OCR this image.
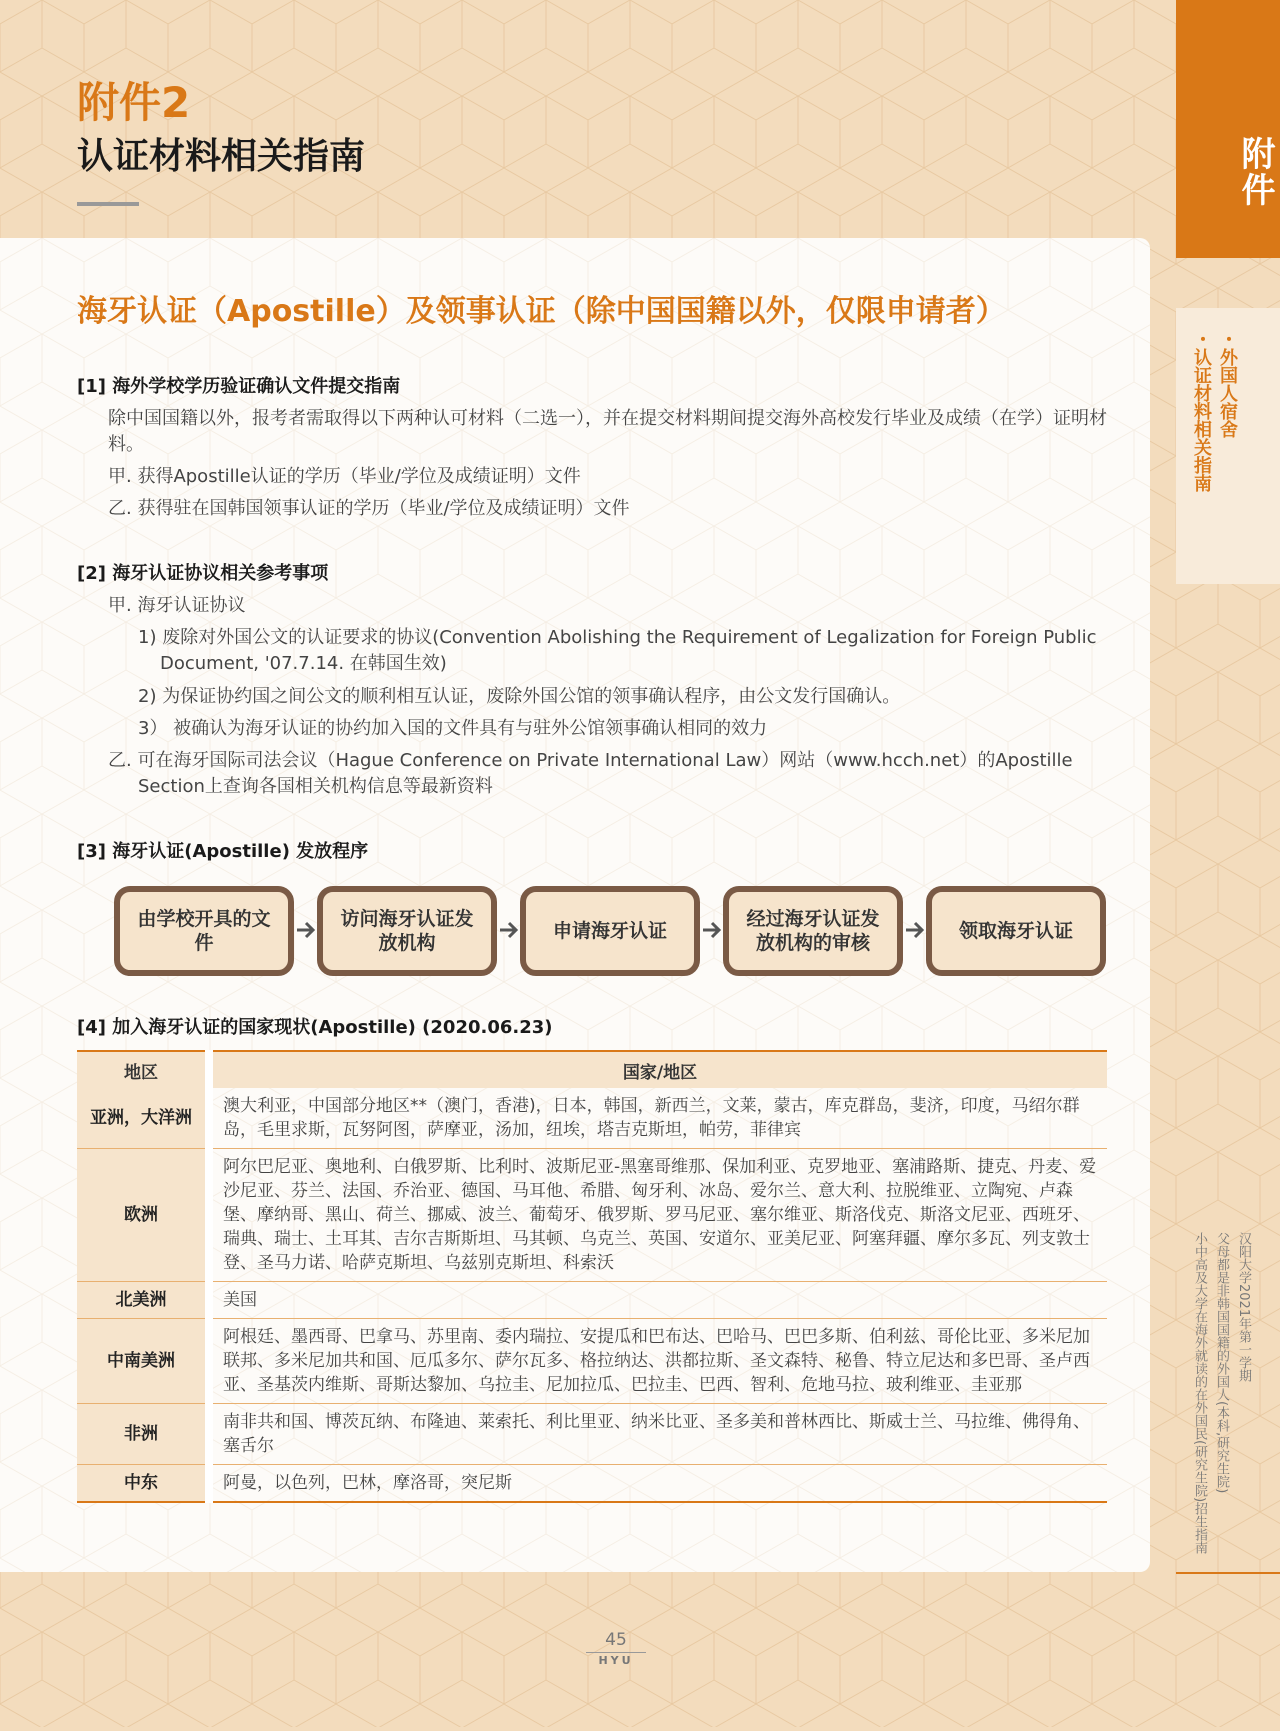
附件2
认证材料相关指南	附件
・外国人宿舍
・认证材料相关指南
汉阳大学2021年第一学期
父母都是非韩国国籍的外国人(本科,研究生院)
小中高及大学在海外就读的在外国民(研究生院)招生指南
海牙认证（Apostille）及领事认证（除中国国籍以外，仅限申请者）
[1] 海外学校学历验证确认文件提交指南
除中国国籍以外，报考者需取得以下两种认可材料（二选一），并在提交材料期间提交海外高校发行毕业及成绩（在学）证明材料。
甲. 获得Apostille认证的学历（毕业/学位及成绩证明）文件
乙. 获得驻在国韩国领事认证的学历（毕业/学位及成绩证明）文件
[2] 海牙认证协议相关参考事项
甲. 海牙认证协议
1) 废除对外国公文的认证要求的协议(Convention Abolishing the Requirement of Legalization for Foreign Public Document, '07.7.14. 在韩国生效)
2) 为保证协约国之间公文的顺利相互认证，废除外国公馆的领事确认程序，由公文发行国确认。
3） 被确认为海牙认证的协约加入国的文件具有与驻外公馆领事确认相同的效力
乙. 可在海牙国际司法会议（Hague Conference on Private International Law）网站（www.hcch.net）的Apostille Section上查询各国相关机构信息等最新资料
[3] 海牙认证(Apostille) 发放程序
由学校开具的文件
访问海牙认证发放机构
申请海牙认证
经过海牙认证发放机构的审核
领取海牙认证
[4] 加入海牙认证的国家现状(Apostille) (2020.06.23)
地区	国家/地区
亚洲，大洋洲	澳大利亚，中国部分地区**（澳门，香港)，日本，韩国，新西兰，文莱，蒙古，库克群岛，斐济，印度，马绍尔群岛，毛里求斯，瓦努阿图，萨摩亚，汤加，纽埃，塔吉克斯坦，帕劳，菲律宾
欧洲	阿尔巴尼亚、奥地利、白俄罗斯、比利时、波斯尼亚-黑塞哥维那、保加利亚、克罗地亚、塞浦路斯、捷克、丹麦、爱沙尼亚、芬兰、法国、乔治亚、德国、马耳他、希腊、匈牙利、冰岛、爱尔兰、意大利、拉脱维亚、立陶宛、卢森堡、摩纳哥、黑山、荷兰、挪威、波兰、葡萄牙、俄罗斯、罗马尼亚、塞尔维亚、斯洛伐克、斯洛文尼亚、西班牙、瑞典、瑞士、土耳其、吉尔吉斯斯坦、马其顿、乌克兰、英国、安道尔、亚美尼亚、阿塞拜疆、摩尔多瓦、列支敦士登、圣马力诺、哈萨克斯坦、乌兹别克斯坦、科索沃
北美洲	美国
中南美洲	阿根廷、墨西哥、巴拿马、苏里南、委内瑞拉、安提瓜和巴布达、巴哈马、巴巴多斯、伯利兹、哥伦比亚、多米尼加联邦、多米尼加共和国、厄瓜多尔、萨尔瓦多、格拉纳达、洪都拉斯、圣文森特、秘鲁、特立尼达和多巴哥、圣卢西亚、圣基茨内维斯、哥斯达黎加、乌拉圭、尼加拉瓜、巴拉圭、巴西、智利、危地马拉、玻利维亚、圭亚那
非洲	南非共和国、博茨瓦纳、布隆迪、莱索托、利比里亚、纳米比亚、圣多美和普林西比、斯威士兰、马拉维、佛得角、塞舌尔
中东	阿曼，以色列，巴林，摩洛哥，突尼斯
45
HYU
